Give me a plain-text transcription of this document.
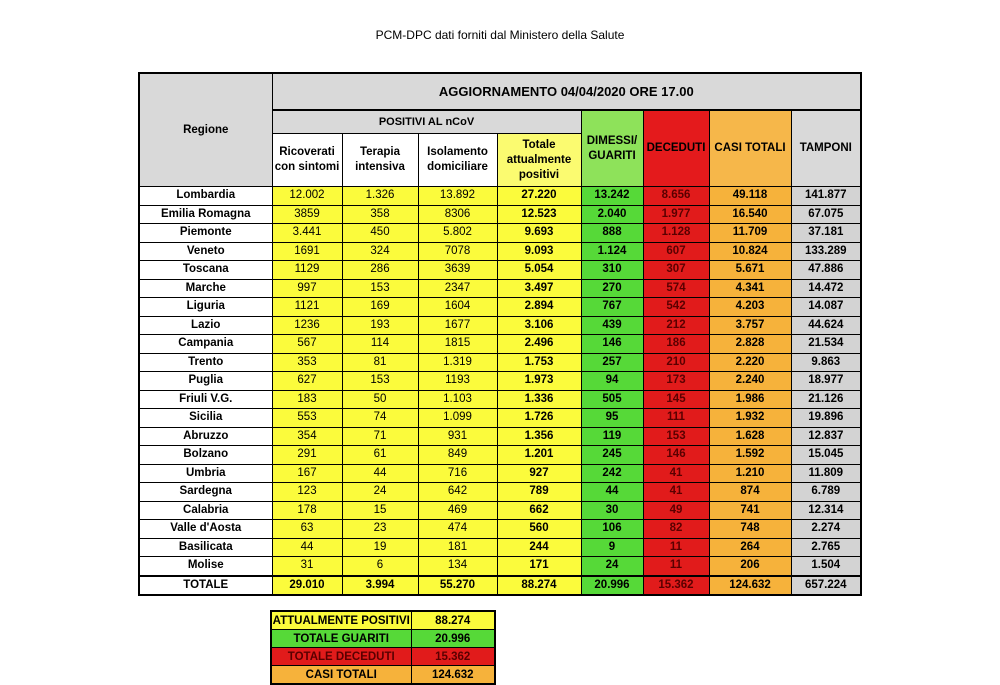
PCM-DPC dati forniti dal Ministero della Salute
Regione	AGGIORNAMENTO 04/04/2020 ORE 17.00							
	POSITIVI AL nCoV				DIMESSI/ GUARITI	DECEDUTI	CASI TOTALI	TAMPONI
	Ricoverati con sintomi	Terapia intensiva	Isolamento domiciliare	Totale attualmente positivi				
Lombardia	12.002	1.326	13.892	27.220	13.242	8.656	49.118	141.877
Emilia Romagna	3859	358	8306	12.523	2.040	1.977	16.540	67.075
Piemonte	3.441	450	5.802	9.693	888	1.128	11.709	37.181
Veneto	1691	324	7078	9.093	1.124	607	10.824	133.289
Toscana	1129	286	3639	5.054	310	307	5.671	47.886
Marche	997	153	2347	3.497	270	574	4.341	14.472
Liguria	1121	169	1604	2.894	767	542	4.203	14.087
Lazio	1236	193	1677	3.106	439	212	3.757	44.624
Campania	567	114	1815	2.496	146	186	2.828	21.534
Trento	353	81	1.319	1.753	257	210	2.220	9.863
Puglia	627	153	1193	1.973	94	173	2.240	18.977
Friuli V.G.	183	50	1.103	1.336	505	145	1.986	21.126
Sicilia	553	74	1.099	1.726	95	111	1.932	19.896
Abruzzo	354	71	931	1.356	119	153	1.628	12.837
Bolzano	291	61	849	1.201	245	146	1.592	15.045
Umbria	167	44	716	927	242	41	1.210	11.809
Sardegna	123	24	642	789	44	41	874	6.789
Calabria	178	15	469	662	30	49	741	12.314
Valle d'Aosta	63	23	474	560	106	82	748	2.274
Basilicata	44	19	181	244	9	11	264	2.765
Molise	31	6	134	171	24	11	206	1.504
TOTALE	29.010	3.994	55.270	88.274	20.996	15.362	124.632	657.224
ATTUALMENTE POSITIVI	88.274
TOTALE GUARITI	20.996
TOTALE DECEDUTI	15.362
CASI TOTALI	124.632
